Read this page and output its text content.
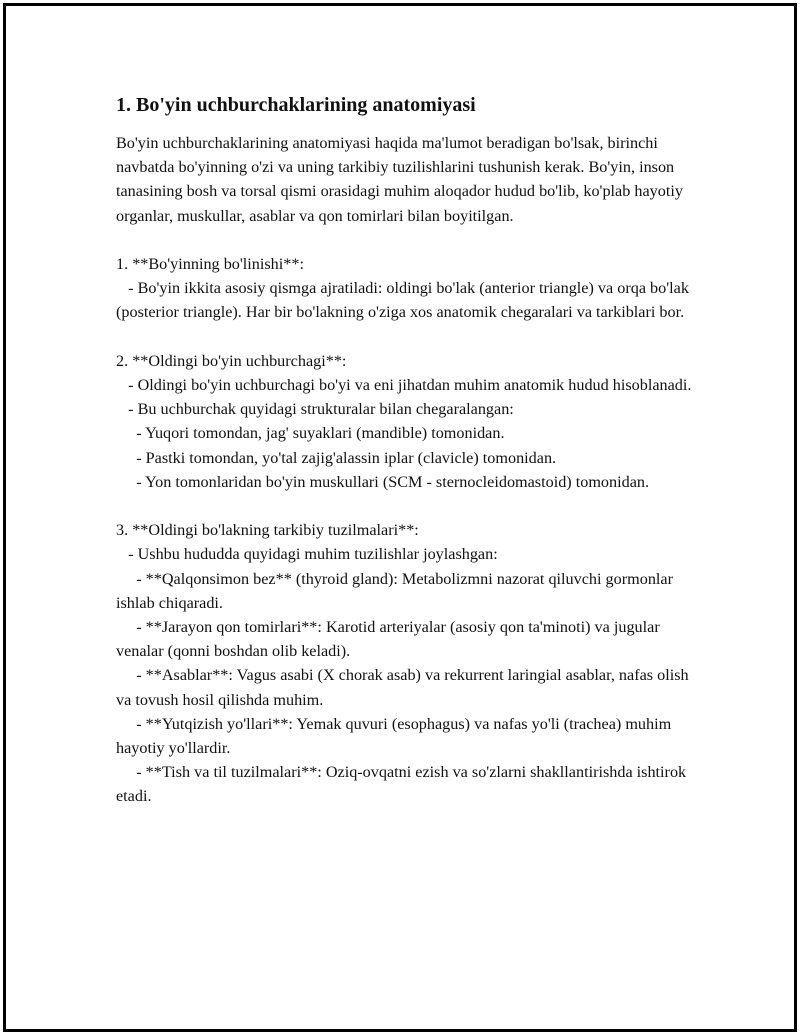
1. Bo'yin uchburchaklarining anatomiyasi

Bo'yin uchburchaklarining anatomiyasi haqida ma'lumot beradigan bo'lsak, birinchi navbatda bo'yinning o'zi va uning tarkibiy tuzilishlarini tushunish kerak. Bo'yin, inson tanasining bosh va torsal qismi orasidagi muhim aloqador hudud bo'lib, ko'plab hayotiy organlar, muskullar, asablar va qon tomirlari bilan boyitilgan.

1. **Bo'yinning bo'linishi**:
- Bo'yin ikkita asosiy qismga ajratiladi: oldingi bo'lak (anterior triangle) va orqa bo'lak (posterior triangle). Har bir bo'lakning o'ziga xos anatomik chegaralari va tarkiblari bor.
2. **Oldingi bo'yin uchburchagi**:
- Oldingi bo'yin uchburchagi bo'yi va eni jihatdan muhim anatomik hudud hisoblanadi.
- Bu uchburchak quyidagi strukturalar bilan chegaralangan:
- Yuqori tomondan, jag' suyaklari (mandible) tomonidan.
- Pastki tomondan, yo'tal zajig'alassin iplar (clavicle) tomonidan.
- Yon tomonlaridan bo'yin muskullari (SCM - sternocleidomastoid) tomonidan.
3. **Oldingi bo'lakning tarkibiy tuzilmalari**:
- Ushbu hududda quyidagi muhim tuzilishlar joylashgan:
- **Qalqonsimon bez** (thyroid gland): Metabolizmni nazorat qiluvchi gormonlar ishlab chiqaradi.
- **Jarayon qon tomirlari**: Karotid arteriyalar (asosiy qon ta'minoti) va jugular venalar (qonni boshdan olib keladi).
- **Asablar**: Vagus asabi (X chorak asab) va rekurrent laringial asablar, nafas olish va tovush hosil qilishda muhim.
- **Yutqizish yo'llari**: Yemak quvuri (esophagus) va nafas yo'li (trachea) muhim hayotiy yo'llardir.
- **Tish va til tuzilmalari**: Oziq-ovqatni ezish va so'zlarni shakllantirishda ishtirok etadi.
